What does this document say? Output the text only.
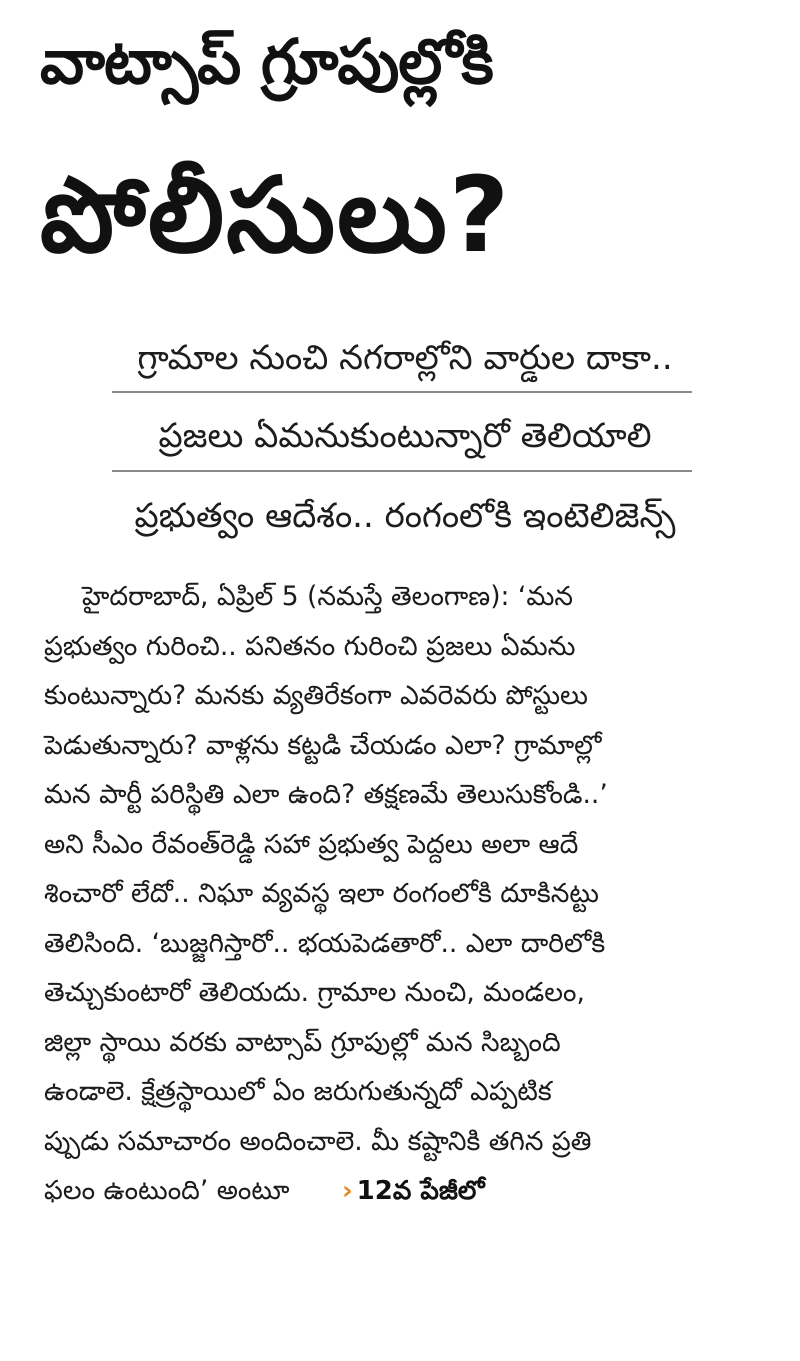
వాట్సాప్ గ్రూపుల్లోకి
పోలీసులు?
గ్రామాల నుంచి నగరాల్లోని వార్డుల దాకా..
ప్రజలు ఏమనుకుంటున్నారో తెలియాలి
ప్రభుత్వం ఆదేశం.. రంగంలోకి ఇంటెలిజెన్స్
హైదరాబాద్, ఏప్రిల్ 5 (నమస్తే తెలంగాణ): ‘మన
ప్రభుత్వం గురించి.. పనితనం గురించి ప్రజలు ఏమను
కుంటున్నారు? మనకు వ్యతిరేకంగా ఎవరెవరు పోస్టులు
పెడుతున్నారు? వాళ్లను కట్టడి చేయడం ఎలా? గ్రామాల్లో
మన పార్టీ పరిస్థితి ఎలా ఉంది? తక్షణమే తెలుసుకోండి..’
అని సీఎం రేవంత్‌రెడ్డి సహా ప్రభుత్వ పెద్దలు అలా ఆదే
శించారో లేదో.. నిఘా వ్యవస్థ ఇలా రంగంలోకి దూకినట్టు
తెలిసింది. ‘బుజ్జగిస్తారో.. భయపెడతారో.. ఎలా దారిలోకి
తెచ్చుకుంటారో తెలియదు. గ్రామాల నుంచి, మండలం,
జిల్లా స్థాయి వరకు వాట్సాప్ గ్రూపుల్లో మన సిబ్బంది
ఉండాలె. క్షేత్రస్థాయిలో ఏం జరుగుతున్నదో ఎప్పటిక
ప్పుడు సమాచారం అందించాలె. మీ కష్టానికి తగిన ప్రతి
ఫలం ఉంటుంది’ అంటూ › 12వ పేజీలో
